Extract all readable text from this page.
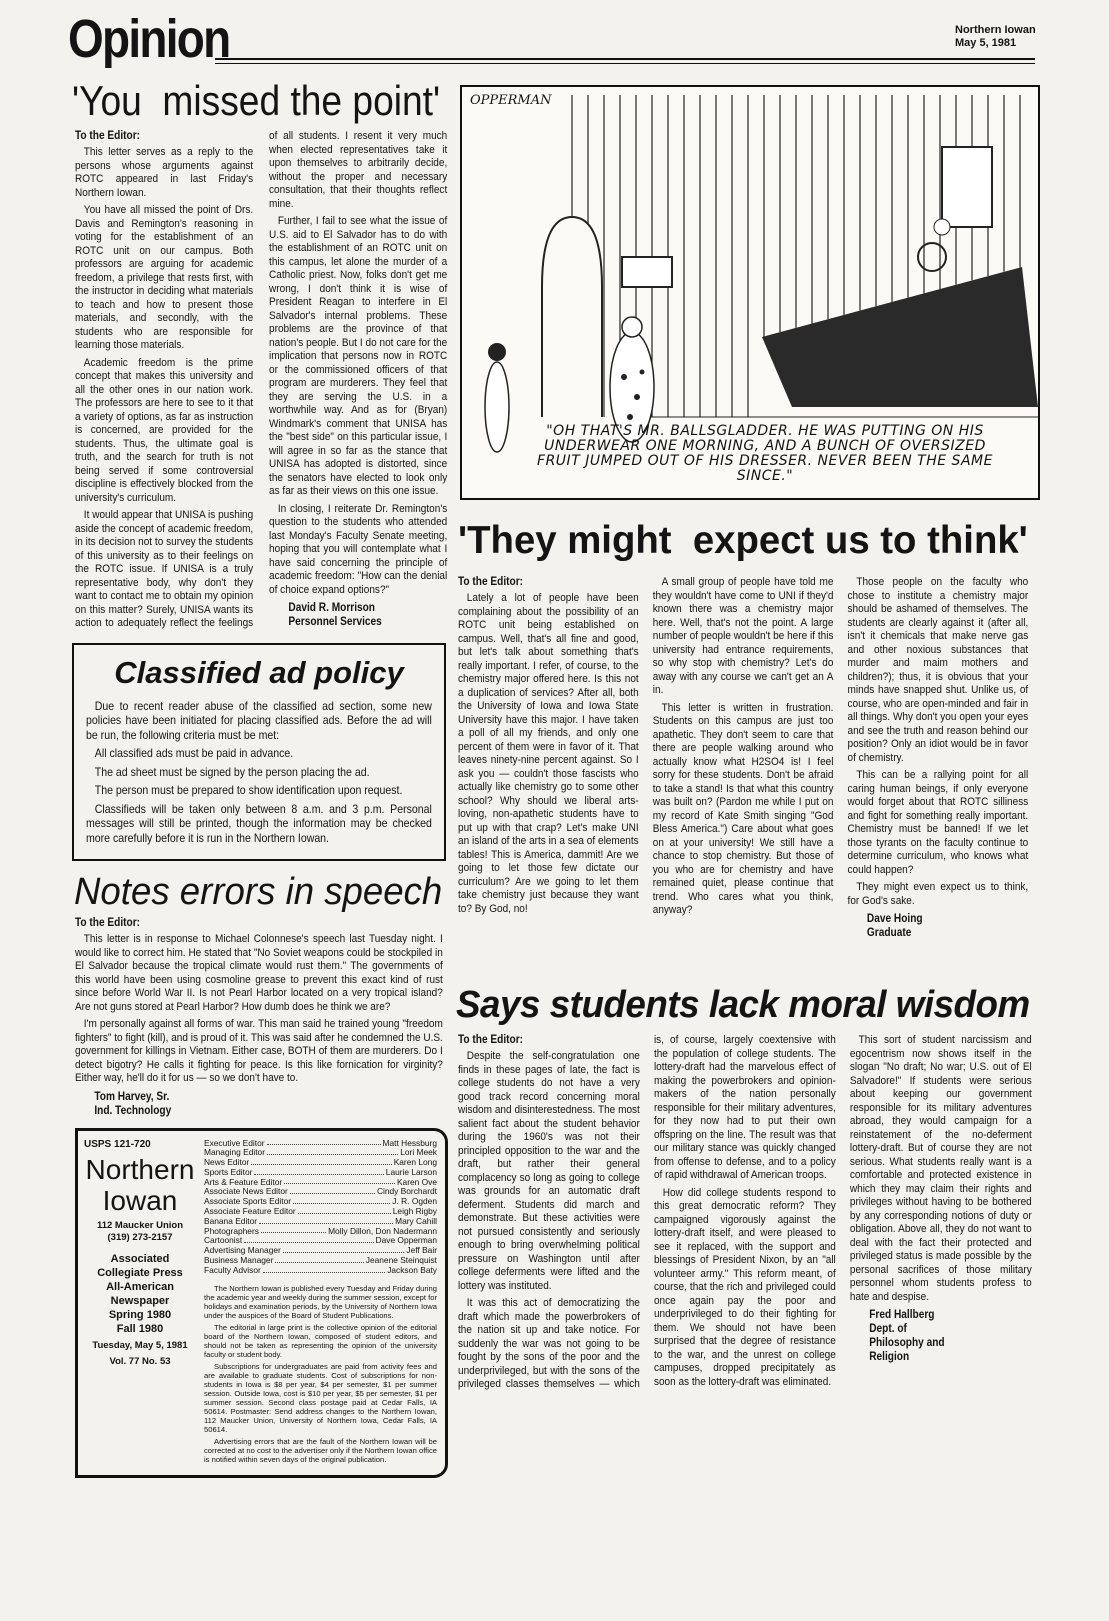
Opinion	Northern Iowan
May 5, 1981
'You  missed the point'
To the Editor:

This letter serves as a reply to the persons whose arguments against ROTC appeared in last Friday's Northern Iowan.

You have all missed the point of Drs. Davis and Remington's reasoning in voting for the establishment of an ROTC unit on our campus. Both professors are arguing for academic freedom, a privilege that rests first, with the instructor in deciding what materials to teach and how to present those materials, and secondly, with the students who are responsible for learning those materials.

Academic freedom is the prime concept that makes this university and all the other ones in our nation work. The professors are here to see to it that a variety of options, as far as instruction is concerned, are provided for the students. Thus, the ultimate goal is truth, and the search for truth is not being served if some controversial discipline is effectively blocked from the university's curriculum.

It would appear that UNISA is pushing aside the concept of academic freedom, in its decision not to survey the students of this university as to their feelings on the ROTC issue. If UNISA is a truly representative body, why don't they want to contact me to obtain my opinion on this matter? Surely, UNISA wants its action to adequately reflect the feelings of all students. I resent it very much when elected representatives take it upon themselves to arbitrarily decide, without the proper and necessary consultation, that their thoughts reflect mine.

Further, I fail to see what the issue of U.S. aid to El Salvador has to do with the establishment of an ROTC unit on this campus, let alone the murder of a Catholic priest. Now, folks don't get me wrong, I don't think it is wise of President Reagan to interfere in El Salvador's internal problems. These problems are the province of that nation's people. But I do not care for the implication that persons now in ROTC or the commissioned officers of that program are murderers. They feel that they are serving the U.S. in a worthwhile way. And as for (Bryan) Windmark's comment that UNISA has the "best side" on this particular issue, I will agree in so far as the stance that UNISA has adopted is distorted, since the senators have elected to look only as far as their views on this one issue.

In closing, I reiterate Dr. Remington's question to the students who attended last Monday's Faculty Senate meeting, hoping that you will contemplate what I have said concerning the principle of academic freedom: "How can the denial of choice expand options?"

David R. Morrison
Personnel Services
OPPERMAN
"OH THAT'S MR. BALLSGLADDER. HE WAS PUTTING ON HIS UNDERWEAR ONE MORNING, AND A BUNCH OF OVERSIZED FRUIT JUMPED OUT OF HIS DRESSER. NEVER BEEN THE SAME SINCE."
Classified ad policy

Due to recent reader abuse of the classified ad section, some new policies have been initiated for placing classified ads. Before the ad will be run, the following criteria must be met:

All classified ads must be paid in advance.

The ad sheet must be signed by the person placing the ad.

The person must be prepared to show identification upon request.

Classifieds will be taken only between 8 a.m. and 3 p.m. Personal messages will still be printed, though the information may be checked more carefully before it is run in the Northern Iowan.

'They might  expect us to think'
To the Editor:

Lately a lot of people have been complaining about the possibility of an ROTC unit being established on campus. Well, that's all fine and good, but let's talk about something that's really important. I refer, of course, to the chemistry major offered here. Is this not a duplication of services? After all, both the University of Iowa and Iowa State University have this major. I have taken a poll of all my friends, and only one percent of them were in favor of it. That leaves ninety-nine percent against. So I ask you — couldn't those fascists who actually like chemistry go to some other school? Why should we liberal arts-loving, non-apathetic students have to put up with that crap? Let's make UNI an island of the arts in a sea of elements tables! This is America, dammit! Are we going to let those few dictate our curriculum? Are we going to let them take chemistry just because they want to? By God, no!

A small group of people have told me they wouldn't have come to UNI if they'd known there was a chemistry major here. Well, that's not the point. A large number of people wouldn't be here if this university had entrance requirements, so why stop with chemistry? Let's do away with any course we can't get an A in.

This letter is written in frustration. Students on this campus are just too apathetic. They don't seem to care that there are people walking around who actually know what H2SO4 is! I feel sorry for these students. Don't be afraid to take a stand! Is that what this country was built on? (Pardon me while I put on my record of Kate Smith singing "God Bless America.") Care about what goes on at your university! We still have a chance to stop chemistry. But those of you who are for chemistry and have remained quiet, please continue that trend. Who cares what you think, anyway?

Those people on the faculty who chose to institute a chemistry major should be ashamed of themselves. The students are clearly against it (after all, isn't it chemicals that make nerve gas and other noxious substances that murder and maim mothers and children?); thus, it is obvious that your minds have snapped shut. Unlike us, of course, who are open-minded and fair in all things. Why don't you open your eyes and see the truth and reason behind our position? Only an idiot would be in favor of chemistry.

This can be a rallying point for all caring human beings, if only everyone would forget about that ROTC silliness and fight for something really important. Chemistry must be banned! If we let those tyrants on the faculty continue to determine curriculum, who knows what could happen?

They might even expect us to think, for God's sake.

Dave Hoing
Graduate
Notes errors in speech
To the Editor:

This letter is in response to Michael Colonnese's speech last Tuesday night. I would like to correct him. He stated that "No Soviet weapons could be stockpiled in El Salvador because the tropical climate would rust them." The governments of this world have been using cosmoline grease to prevent this exact kind of rust since before World War II. Is not Pearl Harbor located on a very tropical island? Are not guns stored at Pearl Harbor? How dumb does he think we are?

I'm personally against all forms of war. This man said he trained young "freedom fighters" to fight (kill), and is proud of it. This was said after he condemned the U.S. government for killings in Vietnam. Either case, BOTH of them are murderers. Do I detect bigotry? He calls it fighting for peace. Is this like fornication for virginity? Either way, he'll do it for us — so we don't have to.

Tom Harvey, Sr.
Ind. Technology
Says students lack moral wisdom
To the Editor:

Despite the self-congratulation one finds in these pages of late, the fact is college students do not have a very good track record concerning moral wisdom and disinterestedness. The most salient fact about the student behavior during the 1960's was not their principled opposition to the war and the draft, but rather their general complacency so long as going to college was grounds for an automatic draft deferment. Students did march and demonstrate. But these activities were not pursued consistently and seriously enough to bring overwhelming political pressure on Washington until after college deferments were lifted and the lottery was instituted.

It was this act of democratizing the draft which made the powerbrokers of the nation sit up and take notice. For suddenly the war was not going to be fought by the sons of the poor and the underprivileged, but with the sons of the privileged classes themselves — which is, of course, largely coextensive with the population of college students. The lottery-draft had the marvelous effect of making the powerbrokers and opinion-makers of the nation personally responsible for their military adventures, for they now had to put their own offspring on the line. The result was that our military stance was quickly changed from offense to defense, and to a policy of rapid withdrawal of American troops.

How did college students respond to this great democratic reform? They campaigned vigorously against the lottery-draft itself, and were pleased to see it replaced, with the support and blessings of President Nixon, by an "all volunteer army." This reform meant, of course, that the rich and privileged could once again pay the poor and underprivileged to do their fighting for them. We should not have been surprised that the degree of resistance to the war, and the unrest on college campuses, dropped precipitately as soon as the lottery-draft was eliminated.

This sort of student narcissism and egocentrism now shows itself in the slogan "No draft; No war; U.S. out of El Salvadore!" If students were serious about keeping our government responsible for its military adventures abroad, they would campaign for a reinstatement of the no-deferment lottery-draft. But of course they are not serious. What students really want is a comfortable and protected existence in which they may claim their rights and privileges without having to be bothered by any corresponding notions of duty or obligation. Above all, they do not want to deal with the fact their protected and privileged status is made possible by the personal sacrifices of those military personnel whom students profess to hate and despise.

Fred Hallberg
Dept. of
Philosophy and
Religion
USPS 121-720
Northern
Iowan
112 Maucker Union
(319) 273-2157
Associated
Collegiate Press
All-American
Newspaper
Spring 1980
Fall 1980
Tuesday, May 5, 1981
Vol. 77 No. 53
Executive Editor	Matt Hessburg
Managing Editor	Lori Meek
News Editor	Karen Long
Sports Editor	Laurie Larson
Arts & Feature Editor	Karen Ove
Associate News Editor	Cindy Borchardt
Associate Sports Editor	J. R. Ogden
Associate Feature Editor	Leigh Rigby
Banana Editor	Mary Cahill
Photographers	Molly Dillon, Don Nadermann
Cartoonist	Dave Opperman
Advertising Manager	Jeff Bair
Business Manager	Jeanene Steinquist
Faculty Advisor	Jackson Baty

The Northern Iowan is published every Tuesday and Friday during the academic year and weekly during the summer session, except for holidays and examination periods, by the University of Northern Iowa under the auspices of the Board of Student Publications.

The editorial in large print is the collective opinion of the editorial board of the Northern Iowan, composed of student editors, and should not be taken as representing the opinion of the university faculty or student body.

Subscriptions for undergraduates are paid from activity fees and are available to graduate students. Cost of subscriptions for non-students in Iowa is $8 per year, $4 per semester, $1 per summer session. Outside Iowa, cost is $10 per year, $5 per semester, $1 per summer session. Second class postage paid at Cedar Falls, IA 50614. Postmaster: Send address changes to the Northern Iowan, 112 Maucker Union, University of Northern Iowa, Cedar Falls, IA 50614.

Advertising errors that are the fault of the Northern Iowan will be corrected at no cost to the advertiser only if the Northern Iowan office is notified within seven days of the original publication.
